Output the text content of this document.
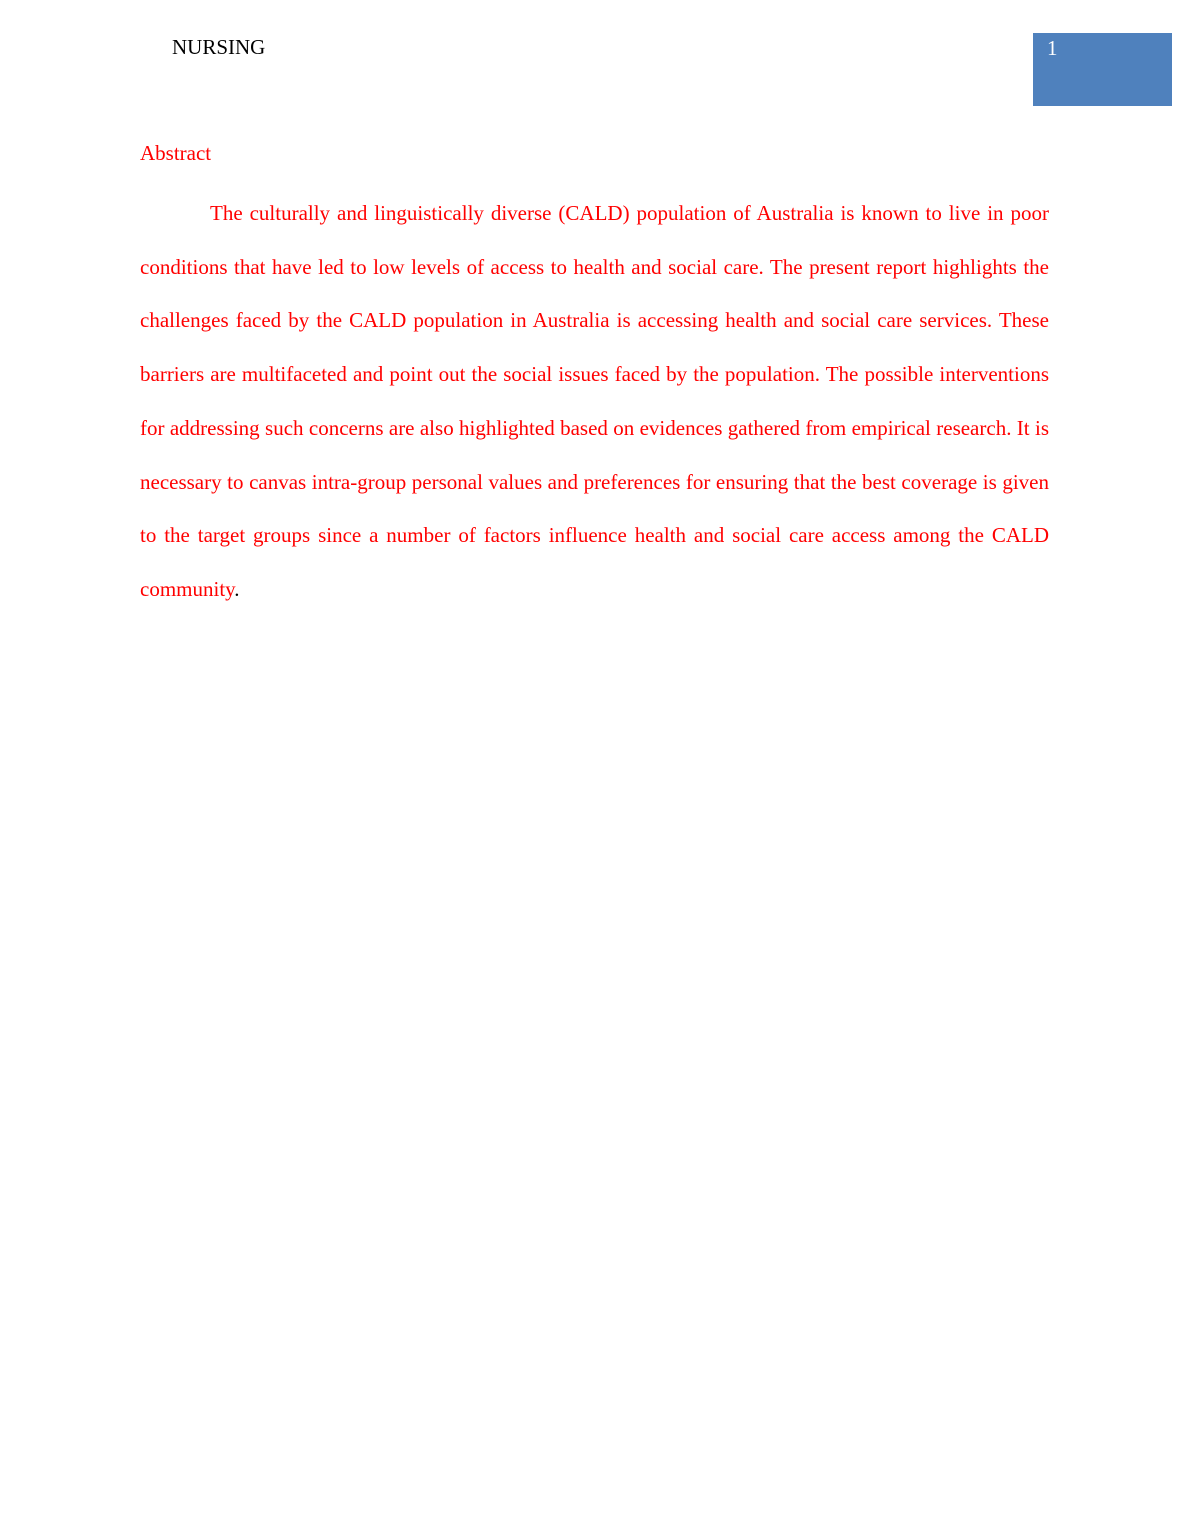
NURSING	1
Abstract

The culturally and linguistically diverse (CALD) population of Australia is known to live in poor conditions that have led to low levels of access to health and social care. The present report highlights the challenges faced by the CALD population in Australia is accessing health and social care services. These barriers are multifaceted and point out the social issues faced by the population. The possible interventions for addressing such concerns are also highlighted based on evidences gathered from empirical research. It is necessary to canvas intra-group personal values and preferences for ensuring that the best coverage is given to the target groups since a number of factors influence health and social care access among the CALD community.
